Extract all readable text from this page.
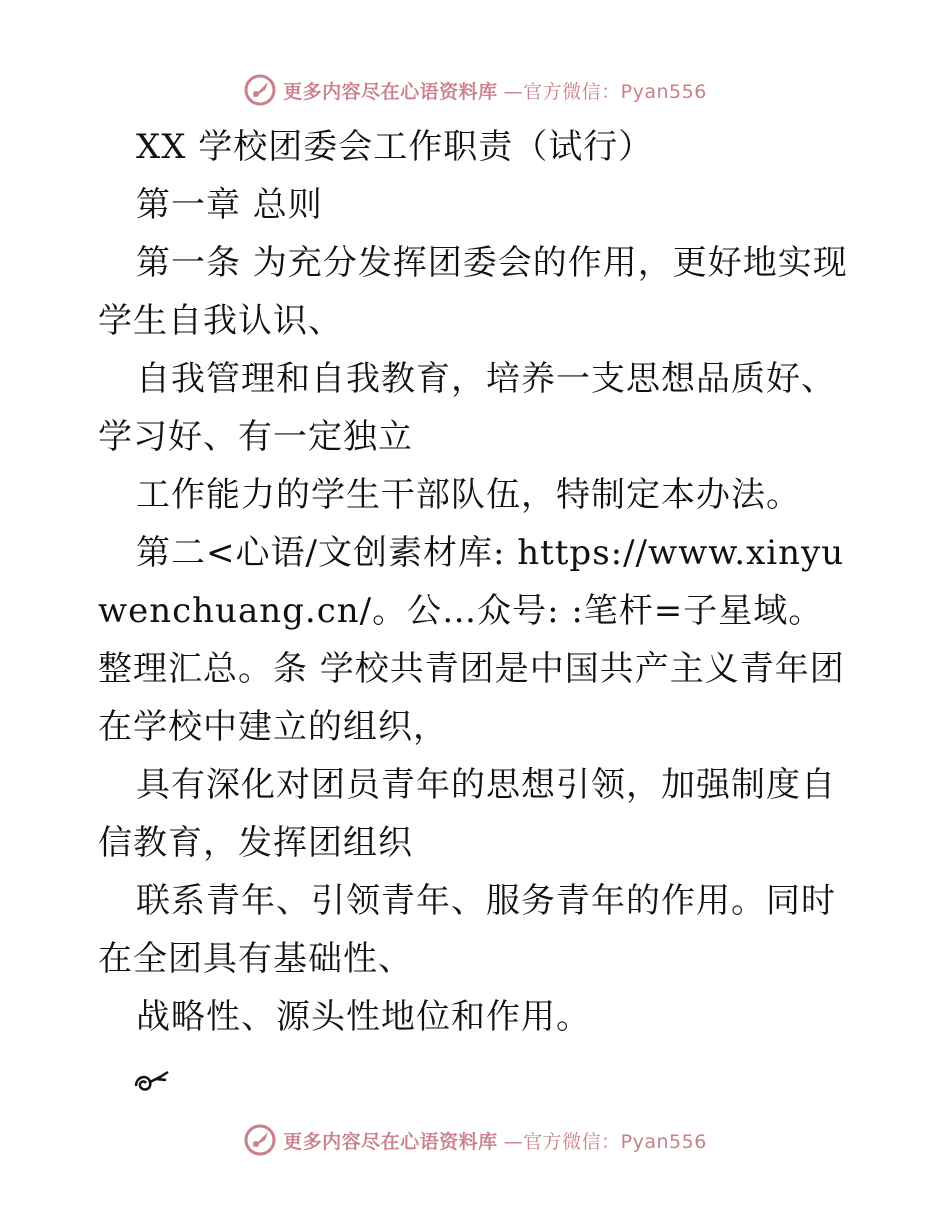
更多内容尽在心语资料库 —官方微信：Pyan556

XX 学校团委会工作职责（试行）

第一章 总则

第一条 为充分发挥团委会的作用，更好地实现学生自我认识、

自我管理和自我教育，培养一支思想品质好、学习好、有一定独立

工作能力的学生干部队伍，特制定本办法。

第二<心语/文创素材库: https://www.xinyuwenchuang.cn/。公…众号: :笔杆=子星域。整理汇总。条 学校共青团是中国共产主义青年团在学校中建立的组织，

具有深化对团员青年的思想引领，加强制度自信教育，发挥团组织

联系青年、引领青年、服务青年的作用。同时在全团具有基础性、

战略性、源头性地位和作用。

更多内容尽在心语资料库 —官方微信：Pyan556
